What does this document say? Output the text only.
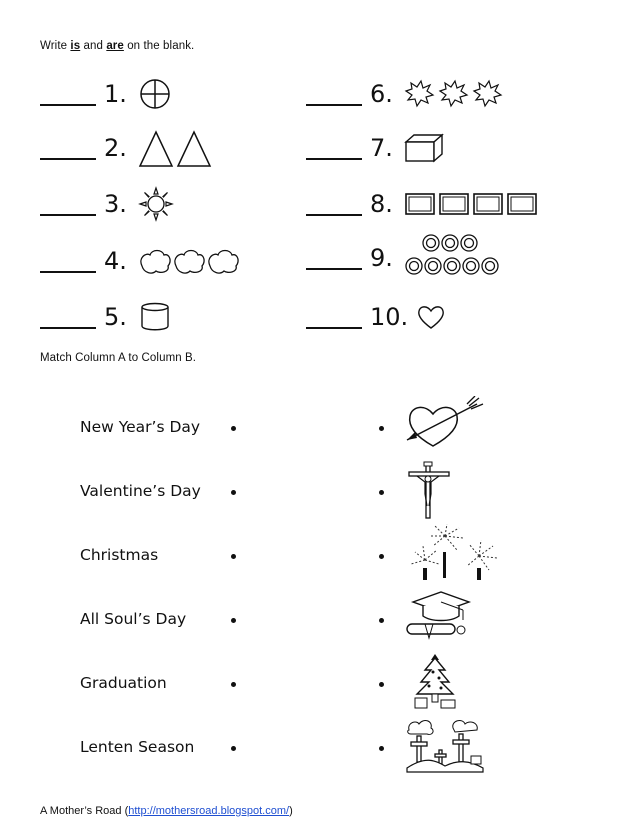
Write is and are on the blank.
1.
2.
3.
4.
5.
6.
7.
8.
9.
10.
Match Column A to Column B.
New Year’s Day
Valentine’s Day
Christmas
All Soul’s Day
Graduation
Lenten Season
A Mother’s Road (http://mothersroad.blogspot.com/)
